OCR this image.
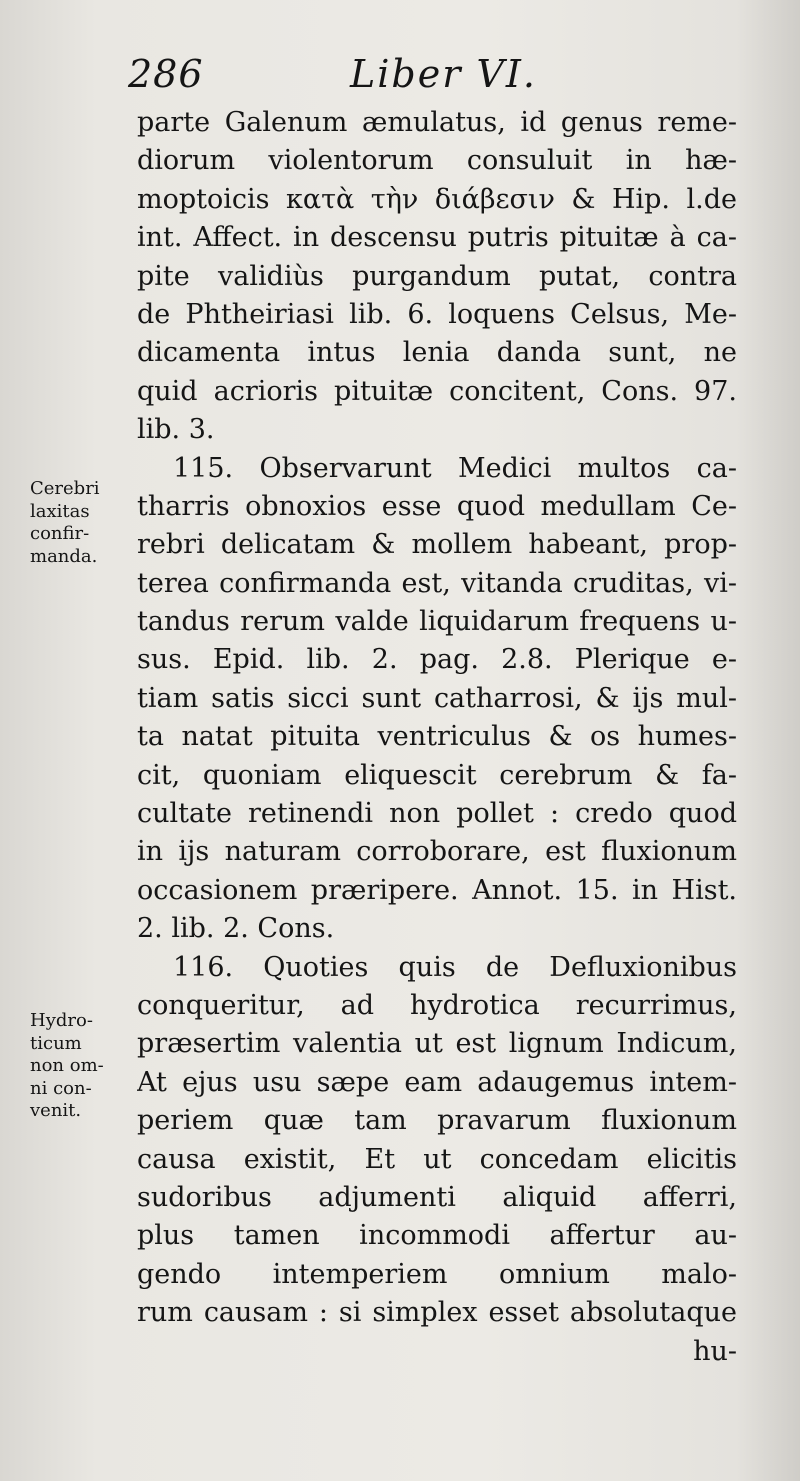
286	Liber VI.
Cerebri
laxitas
confir-
manda.
Hydro-
ticum
non om-
ni con-
venit.
parte Galenum æmulatus, id genus reme-
diorum violentorum consuluit in hæ-
moptoicis κατὰ τὴν διάβεσιν & Hip. l.de
int. Affect. in descensu putris pituitæ à ca-
pite validiùs purgandum putat, contra
de Phtheiriasi lib. 6. loquens Celsus, Me-
dicamenta intus lenia danda sunt, ne
quid acrioris pituitæ concitent, Cons. 97.
lib. 3.
115. Observarunt Medici multos ca-
tharris obnoxios esse quod medullam Ce-
rebri delicatam & mollem habeant, prop-
terea confirmanda est, vitanda cruditas, vi-
tandus rerum valde liquidarum frequens u-
sus. Epid. lib. 2. pag. 2.8. Plerique e-
tiam satis sicci sunt catharrosi, & ijs mul-
ta natat pituita ventriculus & os humes-
cit, quoniam eliquescit cerebrum & fa-
cultate retinendi non pollet : credo quod
in ijs naturam corroborare, est fluxionum
occasionem præripere. Annot. 15. in Hist.
2. lib. 2. Cons.
116. Quoties quis de Defluxionibus
conqueritur, ad hydrotica recurrimus,
præsertim valentia ut est lignum Indicum,
At ejus usu sæpe eam adaugemus intem-
periem quæ tam pravarum fluxionum
causa existit, Et ut concedam elicitis
sudoribus adjumenti aliquid afferri,
plus tamen incommodi affertur au-
gendo intemperiem omnium malo-
rum causam : si simplex esset absolutaque
hu-
